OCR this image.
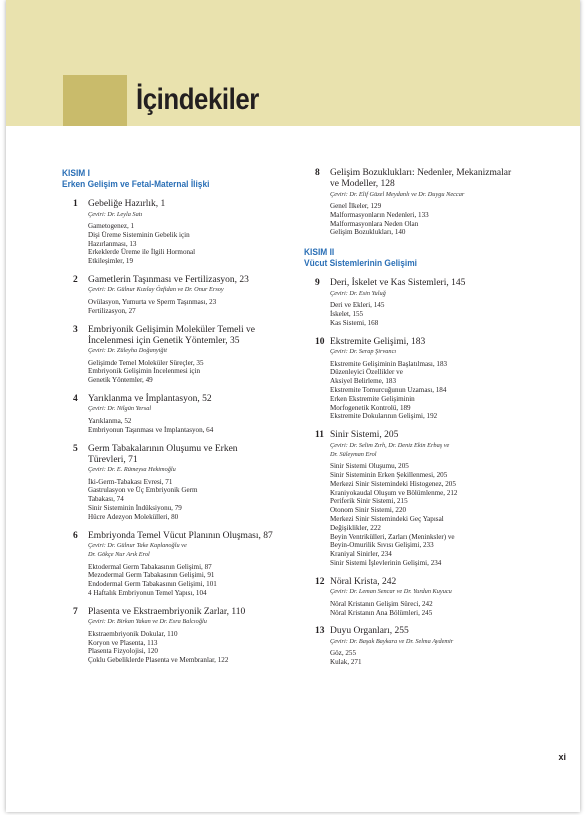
İçindekiler
KISIM I
Erken Gelişim ve Fetal-Maternal İlişki
1 Gebeliğe Hazırlık, 1
Çeviri: Dr. Leyla Satı
Gametogenez, 1
Dişi Üreme Sisteminin Gebelik için
Hazırlanması, 13
Erkeklerde Üreme ile İlgili Hormonal
Etkileşimler, 19
2 Gametlerin Taşınması ve Fertilizasyon, 23
Çeviri: Dr. Gülnur Kızılay Özfidan ve Dr. Onur Ersoy
Ovülasyon, Yumurta ve Sperm Taşınması, 23
Fertilizasyon, 27
3 Embriyonik Gelişimin Moleküler Temeli ve
İncelenmesi için Genetik Yöntemler, 35
Çeviri: Dr. Züleyha Doğanyiğit
Gelişimde Temel Moleküler Süreçler, 35
Embriyonik Gelişimin İncelenmesi için
Genetik Yöntemler, 49
4 Yarıklanma ve İmplantasyon, 52
Çeviri: Dr. Nilgün Yersal
Yarıklanma, 52
Embriyonun Taşınması ve İmplantasyon, 64
5 Germ Tabakalarının Oluşumu ve Erken
Türevleri, 71
Çeviri: Dr. E. Rümeysa Hekimoğlu
İki-Germ-Tabakası Evresi, 71
Gastrulasyon ve Üç Embriyonik Germ
Tabakası, 74
Sinir Sisteminin İndüksiyonu, 79
Hücre Adezyon Molekülleri, 80
6 Embriyonda Temel Vücut Planının Oluşması, 87
Çeviri: Dr. Gülnur Take Kaplanoğlu ve
Dr. Gökçe Nur Arık Erol
Ektodermal Germ Tabakasının Gelişimi, 87
Mezodermal Germ Tabakasının Gelişimi, 91
Endodermal Germ Tabakasının Gelişimi, 101
4 Haftalık Embriyonun Temel Yapısı, 104
7 Plasenta ve Ekstraembriyonik Zarlar, 110
Çeviri: Dr. Birkan Yakan ve Dr. Esra Balcıoğlu
Ekstraembriyonik Dokular, 110
Koryon ve Plasenta, 113
Plasenta Fizyolojisi, 120
Çoklu Gebeliklerde Plasenta ve Membranlar, 122
8 Gelişim Bozuklukları: Nedenler, Mekanizmalar
ve Modeller, 128
Çeviri: Dr. Elif Güzel Meydanlı ve Dr. Duygu Neccar
Genel İlkeler, 129
Malformasyonların Nedenleri, 133
Malformasyonlara Neden Olan
Gelişim Bozuklukları, 140
KISIM II
Vücut Sistemlerinin Gelişimi
9 Deri, İskelet ve Kas Sistemleri, 145
Çeviri: Dr. Esin Yuluğ
Deri ve Ekleri, 145
İskelet, 155
Kas Sistemi, 168
10 Ekstremite Gelişimi, 183
Çeviri: Dr. Serap Şirvancı
Ekstremite Gelişiminin Başlatılması, 183
Düzenleyici Özellikler ve
Aksiyel Belirleme, 183
Ekstremite Tomurcuğunun Uzaması, 184
Erken Ekstremite Gelişiminin
Morfogenetik Kontrolü, 189
Ekstremite Dokularının Gelişimi, 192
11 Sinir Sistemi, 205
Çeviri: Dr. Selim Zırh, Dr. Deniz Ekin Erbaş ve
Dr. Süleyman Erol
Sinir Sistemi Oluşumu, 205
Sinir Sisteminin Erken Şekillenmesi, 205
Merkezi Sinir Sistemindeki Histogenez, 205
Kraniyokaudal Oluşum ve Bölümlenme, 212
Periferik Sinir Sistemi, 215
Otonom Sinir Sistemi, 220
Merkezi Sinir Sistemindeki Geç Yapısal
Değişiklikler, 222
Beyin Ventrikülleri, Zarları (Meninksler) ve
Beyin-Omurilik Sıvısı Gelişimi, 233
Kraniyal Sinirler, 234
Sinir Sistemi İşlevlerinin Gelişimi, 234
12 Nöral Krista, 242
Çeviri: Dr. Leman Sencar ve Dr. Yurdun Kuyucu
Nöral Kristanın Gelişim Süreci, 242
Nöral Kristanın Ana Bölümleri, 245
13 Duyu Organları, 255
Çeviri: Dr. Başak Baykara ve Dr. Selma Aydemir
Göz, 255
Kulak, 271
xi
